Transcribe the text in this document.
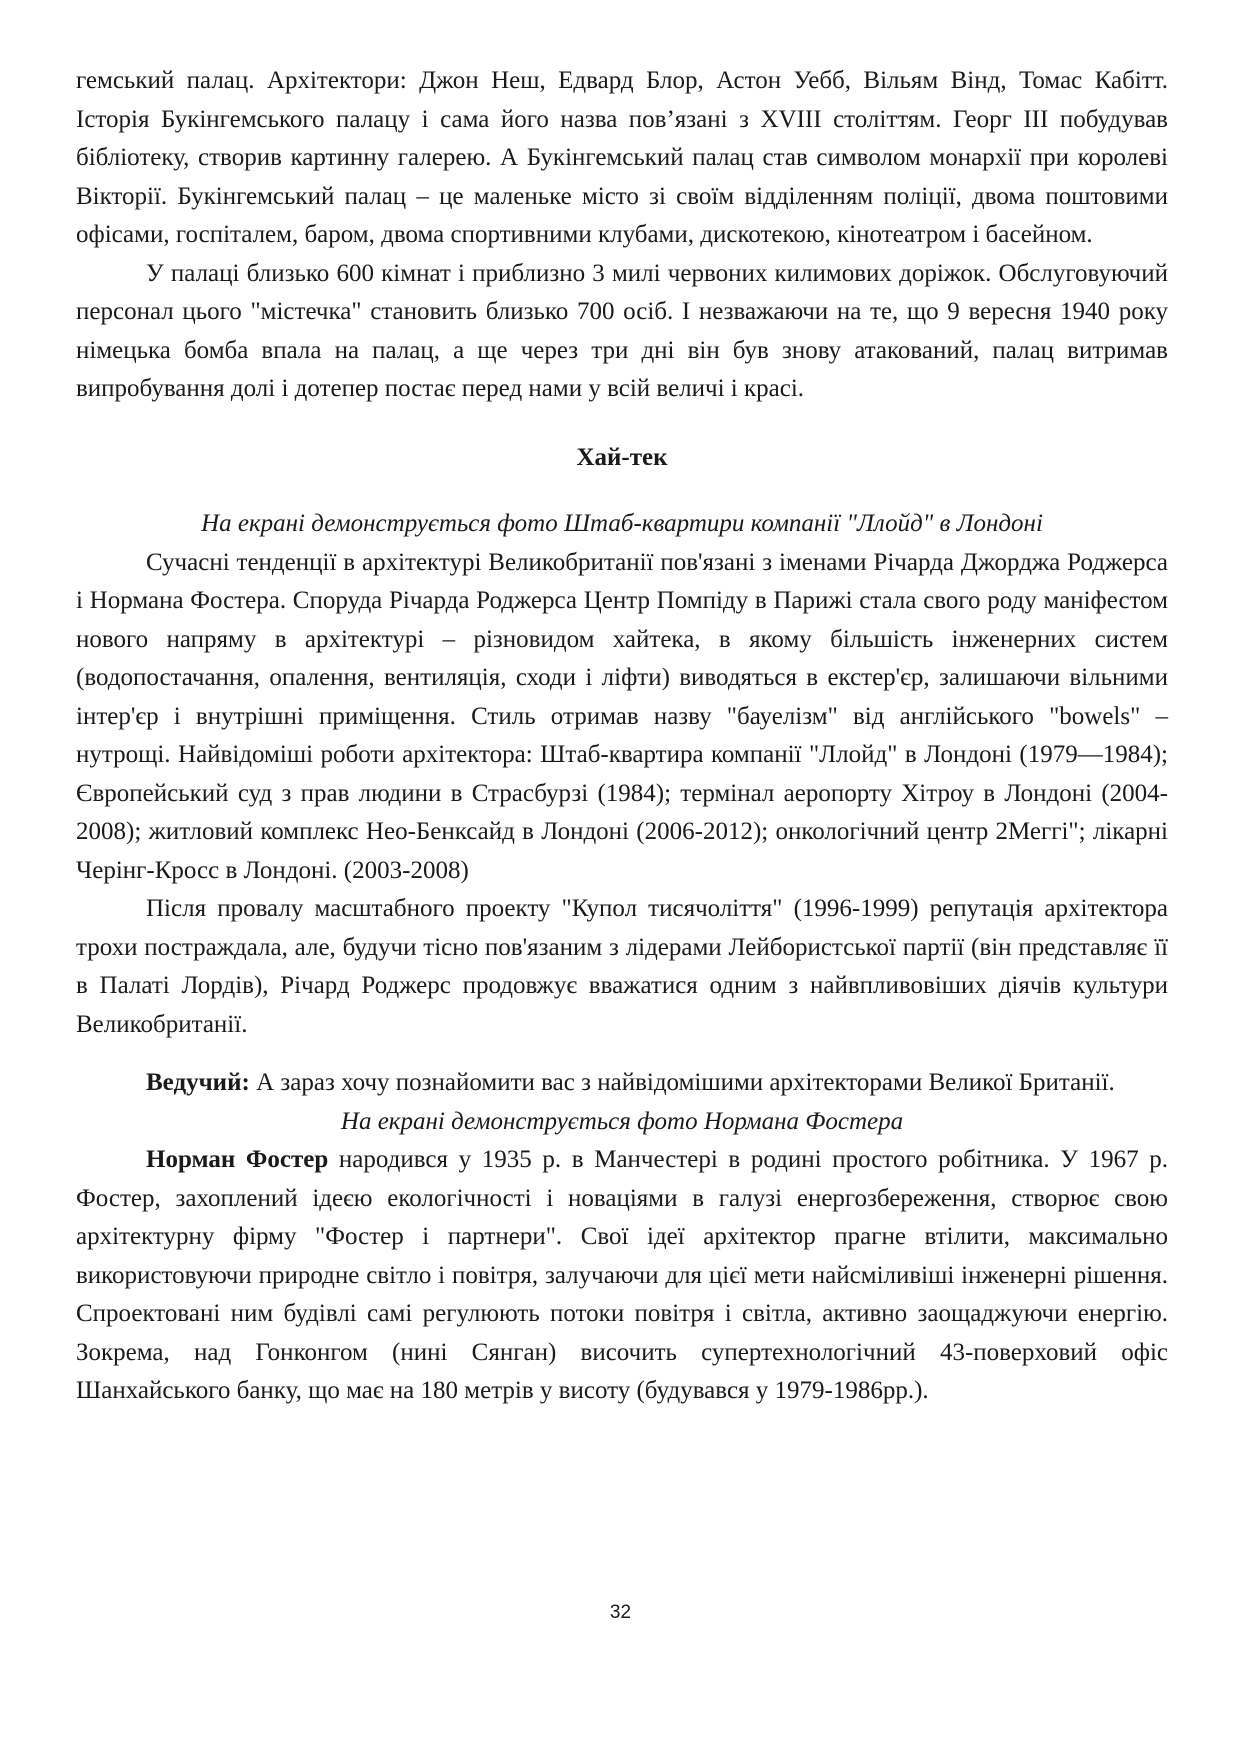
гемський палац. Архітектори: Джон Неш, Едвард Блор, Астон Уебб, Вільям Вінд, Томас Кабітт. Історія Букінгемського палацу і сама його назва пов’язані з XVIII століттям. Георг III побудував бібліотеку, створив картинну галерею. А Букінгемський палац став символом монархії при королеві Вікторії. Букінгемський палац – це маленьке місто зі своїм відділенням поліції, двома поштовими офісами, госпіталем, баром, двома спортивними клубами, дискотекою, кінотеатром і басейном.

У палаці близько 600 кімнат і приблизно 3 милі червоних килимових доріжок. Обслуговуючий персонал цього "містечка" становить близько 700 осіб. І незважаючи на те, що 9 вересня 1940 року німецька бомба впала на палац, а ще через три дні він був знову атакований, палац витримав випробування долі і дотепер постає перед нами у всій величі і красі.

Хай-тек

На екрані демонструється фото Штаб-квартири компанії "Ллойд" в Лондоні

Сучасні тенденції в архітектурі Великобританії пов'язані з іменами Річарда Джорджа Роджерса і Нормана Фостера. Споруда Річарда Роджерса Центр Помпіду в Парижі стала свого роду маніфестом нового напряму в архітектурі – різновидом хайтека, в якому більшість інженерних систем (водопостачання, опалення, вентиляція, сходи і ліфти) виводяться в екстер'єр, залишаючи вільними інтер'єр і внутрішні приміщення. Стиль отримав назву "бауелізм" від англійського "bowels" – нутрощі. Найвідоміші роботи архітектора: Штаб-квартира компанії "Ллойд" в Лондоні (1979—1984); Європейський суд з прав людини в Страсбурзі (1984); термінал аеропорту Хітроу в Лондоні (2004-2008); житловий комплекс Нео-Бенксайд в Лондоні (2006-2012); онкологічний центр 2Меггі"; лікарні Черінг-Кросс в Лондоні. (2003-2008)

Після провалу масштабного проекту "Купол тисячоліття" (1996-1999) репутація архітектора трохи постраждала, але, будучи тісно пов'язаним з лідерами Лейбористської партії (він представляє її в Палаті Лордів), Річард Роджерс продовжує вважатися одним з найвпливовіших діячів культури Великобританії.

Ведучий: А зараз хочу познайомити вас з найвідомішими архітекторами Великої Британії.

На екрані демонструється фото Нормана Фостера

Норман Фостер народився у 1935 р. в Манчестері в родині простого робітника. У 1967 р. Фостер, захоплений ідеєю екологічності і новаціями в галузі енергозбереження, створює свою архітектурну фірму "Фостер і партнери". Свої ідеї архітектор прагне втілити, максимально використовуючи природне світло і повітря, залучаючи для цієї мети найсміливіші інженерні рішення. Спроектовані ним будівлі самі регулюють потоки повітря і світла, активно заощаджуючи енергію. Зокрема, над Гонконгом (нині Сянган) височить супертехнологічний 43-поверховий офіс Шанхайського банку, що має на 180 метрів у висоту (будувався у 1979-1986рр.).

32
